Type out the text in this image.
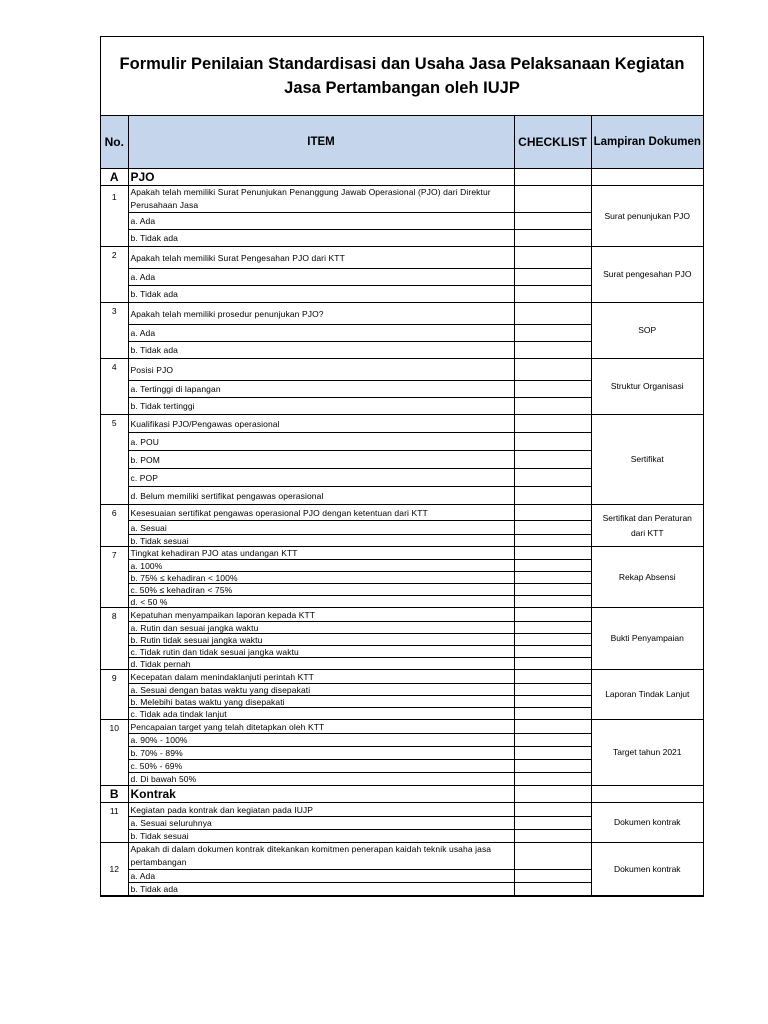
Formulir Penilaian Standardisasi dan Usaha Jasa Pelaksanaan Kegiatan
Jasa Pertambangan oleh IUJP
No.	ITEM	CHECKLIST	Lampiran Dokumen
A	PJO		
1	Apakah telah memiliki Surat Penunjukan Penanggung Jawab Operasional (PJO) dari Direktur Perusahaan Jasa		Surat penunjukan PJO
	a. Ada		
	b. Tidak ada		
2	Apakah telah memiliki Surat Pengesahan PJO dari KTT		Surat pengesahan PJO
	a. Ada		
	b. Tidak ada		
3	Apakah telah memiliki prosedur penunjukan PJO?		SOP
	a. Ada		
	b. Tidak ada		
4	Posisi PJO		Struktur Organisasi
	a. Tertinggi di lapangan		
	b. Tidak tertinggi		
5	Kualifikasi PJO/Pengawas operasional		Sertifikat
	a. POU		
	b. POM		
	c. POP		
	d. Belum memiliki sertifikat pengawas operasional		
6	Kesesuaian sertifikat pengawas operasional PJO dengan ketentuan dari KTT		Sertifikat dan Peraturan dari KTT
	a. Sesuai		
	b. Tidak sesuai		
7	Tingkat kehadiran PJO atas undangan KTT		Rekap Absensi
	a. 100%		
	b. 75% ≤ kehadiran < 100%		
	c. 50% ≤ kehadiran < 75%		
	d. < 50 %		
8	Kepatuhan menyampaikan laporan kepada KTT		Bukti Penyampaian
	a. Rutin dan sesuai jangka waktu		
	b. Rutin tidak sesuai jangka waktu		
	c. Tidak rutin dan tidak sesuai jangka waktu		
	d. Tidak pernah		
9	Kecepatan dalam menindaklanjuti perintah KTT		Laporan Tindak Lanjut
	a. Sesuai dengan batas waktu yang disepakati		
	b. Melebihi batas waktu yang disepakati		
	c. Tidak ada tindak lanjut		
10	Pencapaian target yang telah ditetapkan oleh KTT		Target tahun 2021
	a. 90% - 100%		
	b. 70% - 89%		
	c. 50% - 69%		
	d. Di bawah 50%		
B	Kontrak		
11	Kegiatan pada kontrak dan kegiatan pada IUJP		Dokumen kontrak
	a. Sesuai seluruhnya		
	b. Tidak sesuai		
12	Apakah di dalam dokumen kontrak ditekankan komitmen penerapan kaidah teknik usaha jasa pertambangan		Dokumen kontrak
	a. Ada		
	b. Tidak ada		
